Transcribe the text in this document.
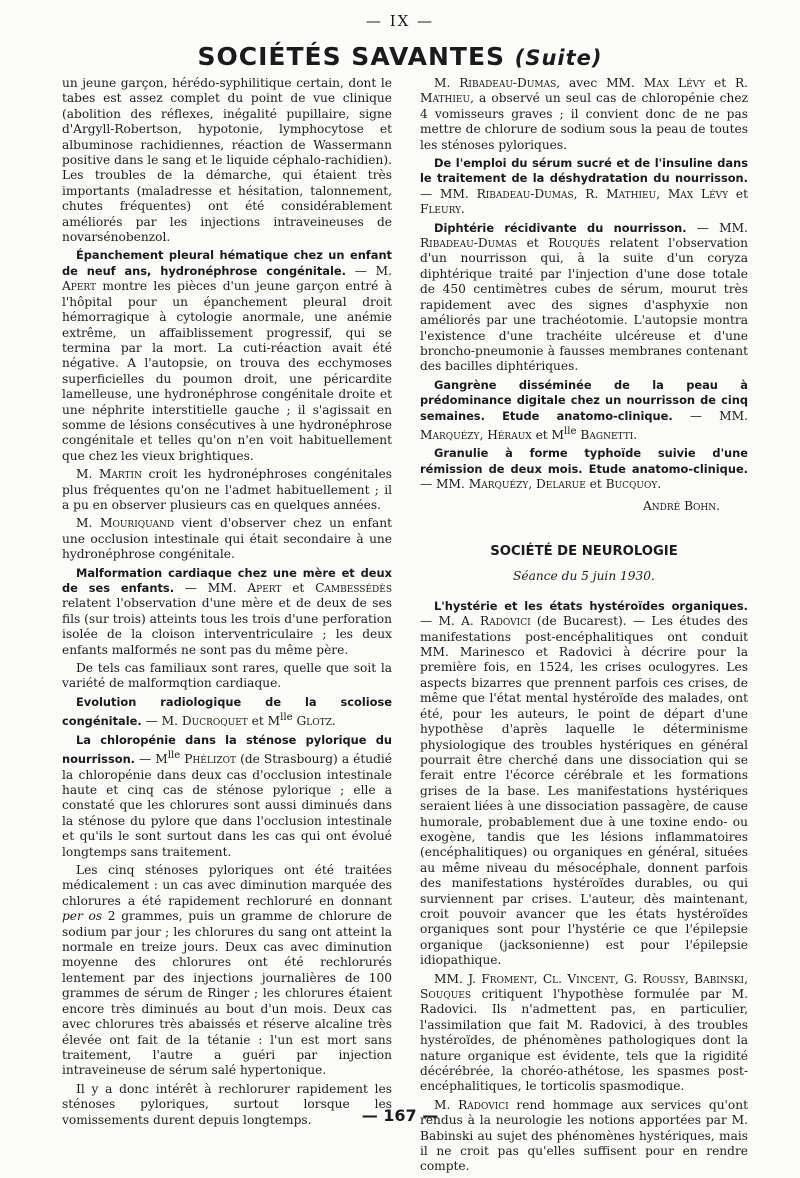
— IX —
SOCIÉTÉS SAVANTES (Suite)

un jeune garçon, hérédo-syphilitique certain, dont le tabes est assez complet du point de vue clinique (abolition des réflexes, inégalité pupillaire, signe d'Argyll-Robertson, hypotonie, lymphocytose et albuminose rachidiennes, réaction de Wassermann positive dans le sang et le liquide céphalo-rachidien). Les troubles de la démarche, qui étaient très importants (maladresse et hésitation, talonnement, chutes fréquentes) ont été considérablement améliorés par les injections intraveineuses de novarsénobenzol.

Épanchement pleural hématique chez un enfant de neuf ans, hydronéphrose congénitale. — M. Apert montre les pièces d'un jeune garçon entré à l'hôpital pour un épanchement pleural droit hémorragique à cytologie anormale, une anémie extrême, un affaiblissement progressif, qui se termina par la mort. La cuti-réaction avait été négative. A l'autopsie, on trouva des ecchymoses superficielles du poumon droit, une péricardite lamelleuse, une hydronéphrose congénitale droite et une néphrite interstitielle gauche ; il s'agissait en somme de lésions consécutives à une hydronéphrose congénitale et telles qu'on n'en voit habituellement que chez les vieux brightiques.

M. Martin croit les hydronéphroses congénitales plus fréquentes qu'on ne l'admet habituellement ; il a pu en observer plusieurs cas en quelques années.

M. Mouriquand vient d'observer chez un enfant une occlusion intestinale qui était secondaire à une hydronéphrose congénitale.

Malformation cardiaque chez une mère et deux de ses enfants. — MM. Apert et Cambessédès relatent l'observation d'une mère et de deux de ses fils (sur trois) atteints tous les trois d'une perforation isolée de la cloison interventriculaire ; les deux enfants malformés ne sont pas du même père.

De tels cas familiaux sont rares, quelle que soit la variété de malformqtion cardiaque.

Evolution radiologique de la scoliose congénitale. — M. Ducroquet et $M^{lle}$ Glotz.

La chloropénie dans la sténose pylorique du nourrisson. — $M^{lle}$ Phélizot (de Strasbourg) a étudié la chloropénie dans deux cas d'occlusion intestinale haute et cinq cas de sténose pylorique ; elle a constaté que les chlorures sont aussi diminués dans la sténose du pylore que dans l'occlusion intestinale et qu'ils le sont surtout dans les cas qui ont évolué longtemps sans traitement.

Les cinq sténoses pyloriques ont été traitées médicalement : un cas avec diminution marquée des chlorures a été rapidement rechloruré en donnant per os 2 grammes, puis un gramme de chlorure de sodium par jour ; les chlorures du sang ont atteint la normale en treize jours. Deux cas avec diminution moyenne des chlorures ont été rechlorurés lentement par des injections journalières de 100 grammes de sérum de Ringer ; les chlorures étaient encore très diminués au bout d'un mois. Deux cas avec chlorures très abaissés et réserve alcaline très élevée ont fait de la tétanie : l'un est mort sans traitement, l'autre a guéri par injection intraveineuse de sérum salé hypertonique.

Il y a donc intérêt à rechlorurer rapidement les sténoses pyloriques, surtout lorsque les vomissements durent depuis longtemps.

M. Ribadeau-Dumas, avec MM. Max Lévy et R. Mathieu, a observé un seul cas de chloropénie chez 4 vomisseurs graves ; il convient donc de ne pas mettre de chlorure de sodium sous la peau de toutes les sténoses pyloriques.

De l'emploi du sérum sucré et de l'insuline dans le traitement de la déshydratation du nourrisson. — MM. Ribadeau-Dumas, R. Mathieu, Max Lévy et Fleury.

Diphtérie récidivante du nourrisson. — MM. Ribadeau-Dumas et Rouquès relatent l'observation d'un nourrisson qui, à la suite d'un coryza diphtérique traité par l'injection d'une dose totale de 450 centimètres cubes de sérum, mourut très rapidement avec des signes d'asphyxie non améliorés par une trachéotomie. L'autopsie montra l'existence d'une trachéite ulcéreuse et d'une broncho-pneumonie à fausses membranes contenant des bacilles diphtériques.

Gangrène disséminée de la peau à prédominance digitale chez un nourrisson de cinq semaines. Etude anatomo-clinique. — MM. Marquézy, Héraux et $M^{lle}$ Bagnetti.

Granulie à forme typhoïde suivie d'une rémission de deux mois. Etude anatomo-clinique. — MM. Marquézy, Delarue et Bucquoy.

André Bohn.
SOCIÉTÉ DE NEUROLOGIE
Séance du 5 juin 1930.

L'hystérie et les états hystéroïdes organiques. — M. A. Radovici (de Bucarest). — Les études des manifestations post-encéphalitiques ont conduit MM. Marinesco et Radovici à décrire pour la première fois, en 1524, les crises oculogyres. Les aspects bizarres que prennent parfois ces crises, de même que l'état mental hystéroïde des malades, ont été, pour les auteurs, le point de départ d'une hypothèse d'après laquelle le déterminisme physiologique des troubles hystériques en général pourrait être cherché dans une dissociation qui se ferait entre l'écorce cérébrale et les formations grises de la base. Les manifestations hystériques seraient liées à une dissociation passagère, de cause humorale, probablement due à une toxine endo- ou exogène, tandis que les lésions inflammatoires (encéphalitiques) ou organiques en général, situées au même niveau du mésocéphale, donnent parfois des manifestations hystéroïdes durables, ou qui surviennent par crises. L'auteur, dès maintenant, croit pouvoir avancer que les états hystéroïdes organiques sont pour l'hystérie ce que l'épilepsie organique (jacksonienne) est pour l'épilepsie idiopathique.

MM. J. Froment, Cl. Vincent, G. Roussy, Babinski, Souques critiquent l'hypothèse formulée par M. Radovici. Ils n'admettent pas, en particulier, l'assimilation que fait M. Radovici, à des troubles hystéroïdes, de phénomènes pathologiques dont la nature organique est évidente, tels que la rigidité décérébrée, la choréo-athétose, les spasmes post-encéphalitiques, le torticolis spasmodique.

M. Radovici rend hommage aux services qu'ont rendus à la neurologie les notions apportées par M. Babinski au sujet des phénomènes hystériques, mais il ne croit pas qu'elles suffisent pour en rendre compte.

— 167 —
